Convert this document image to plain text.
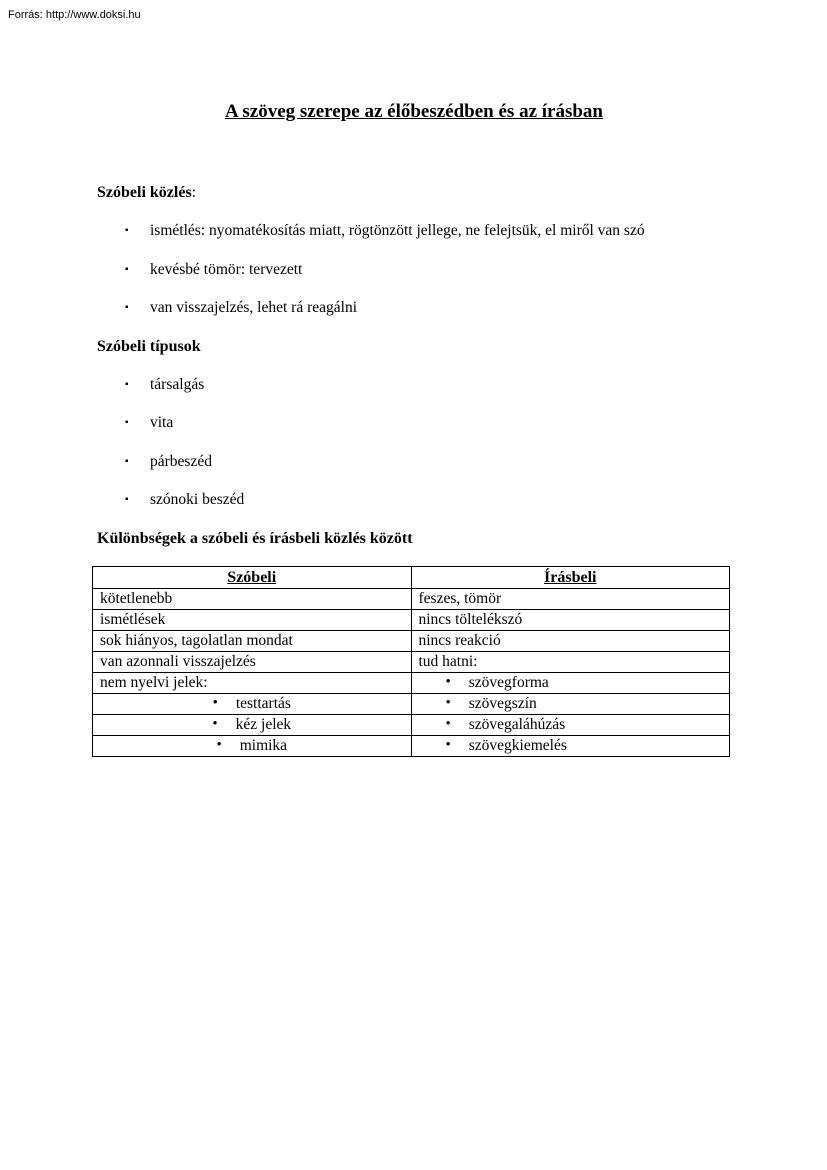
Forrás: http://www.doksi.hu
A szöveg szerepe az élőbeszédben és az írásban

Szóbeli közlés:

▪ ismétlés: nyomatékosítás miatt, rögtönzött jellege, ne felejtsük, el miről van szó
▪ kevésbé tömör: tervezett
▪ van visszajelzés, lehet rá reagálni

Szóbeli típusok

▪ társalgás
▪ vita
▪ párbeszéd
▪ szónoki beszéd

Különbségek a szóbeli és írásbeli közlés között

Szóbeli	Írásbeli

kötetlenebb	feszes, tömör

ismétlések	nincs töltelékszó

sok hiányos, tagolatlan mondat	nincs reakció

van azonnali visszajelzés	tud hatni:

nem nyelvi jelek:	• szövegforma

• testtartás	• szövegszín

• kéz jelek	• szövegaláhúzás

• mimika	• szövegkiemelés
